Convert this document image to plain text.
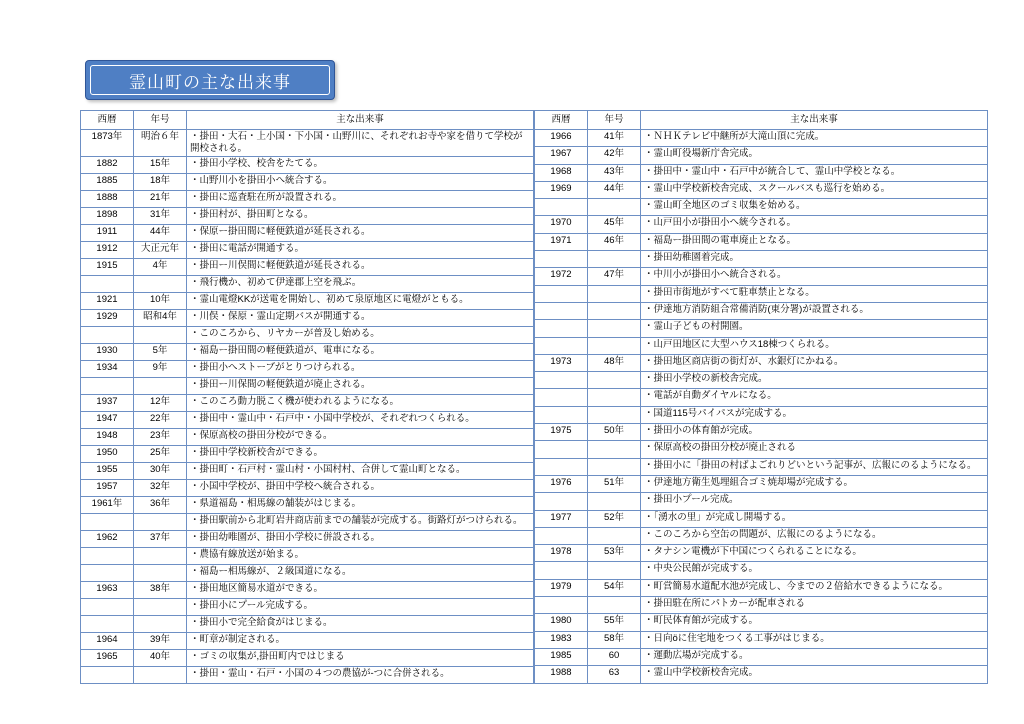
霊山町の主な出来事
西暦	年号	主な出来事
1873年	明治６年	・掛田・大石・上小国・下小国・山野川に、それぞれお寺や家を借りて学校が開校される。
1882	15年	・掛田小学校、校舎をたてる。
1885	18年	・山野川小を掛田小へ統合する。
1888	21年	・掛田に巡査駐在所が設置される。
1898	31年	・掛田村が、掛田町となる。
1911	44年	・保原ー掛田間に軽便鉄道が延長される。
1912	大正元年	・掛田に電話が開通する。
1915	4年	・掛田ー川俣間に軽便鉄道が延長される。
		・飛行機か、初めて伊達郡上空を飛ぶ。
1921	10年	・霊山電燈KKが送電を開始し、初めて泉原地区に電燈がともる。
1929	昭和4年	・川俣・保原・霊山定期バスが開通する。
		・このころから、リヤカーが普及し始める。
1930	5年	・福島ー掛田間の軽便鉄道が、電車になる。
1934	9年	・掛田小へストーブがとりつけられる。
		・掛田ー川保間の軽便鉄道が廃止される。
1937	12年	・このころ動力脱こく機が使われるようになる。
1947	22年	・掛田中・霊山中・石戸中・小国中学校が、それぞれつくられる。
1948	23年	・保原高校の掛田分校ができる。
1950	25年	・掛田中学校新校舎ができる。
1955	30年	・掛田町・石戸村・霊山村・小国村村、合併して霊山町となる。
1957	32年	・小国中学校が、掛田中学校へ統合される。
1961年	36年	・県道福島・相馬線の舗装がはじまる。
		・掛田駅前から北町岩井商店前までの舗装が完成する。街路灯がつけられる。
1962	37年	・掛田幼唯園が、掛田小学校に併設される。
		・農協有線放送が始まる。
		・福島ー相馬線が、２級国道になる。
1963	38年	・掛田地区簡易水道ができる。
		・掛田小にプール完成する。
		・掛田小で完全給食がはじまる。
1964	39年	・町章が制定される。
1965	40年	・ゴミの収集が,掛田町内ではじまる
		・掛田・霊山・石戸・小国の４つの農協が-つに合併される。
西暦	年号	主な出来事
1966	41年	・ＮＨＫテレビ中継所が大滝山頂に完成。
1967	42年	・霊山町役場新庁舎完成。
1968	43年	・掛田中・霊山中・石戸中が統合して、霊山中学校となる。
1969	44年	・霊山中学校新校舎完成、スクールバスも巡行を始める。
		・霊山町全地区のゴミ収集を始める。
1970	45年	・山戸田小が掛田小へ統今される。
1971	46年	・福島ー掛田間の電車廃止となる。
		・掛田幼稚園着完成。
1972	47年	・中川小が掛田小へ統合される。
		・掛田市街地がすべて駐車禁止となる。
		・伊達地方消防組合常備消防(東分署)が設置される。
		・霊山子どもの村開園。
		・山戸田地区に大型ハウス18棟つくられる。
1973	48年	・掛田地区商店街の街灯が、水銀灯にかねる。
		・掛田小学校の新校舎完成。
		・電話が自動ダイヤルになる。
		・国道115号パイパスが完成する。
1975	50年	・掛田小の体育館が完成。
		・保原高校の掛田分校が廃止される
		・掛田小に「掛田の村ばよごれりどいという記事が、広報にのるようになる。
1976	51年	・伊達地方衛生処埋組合ゴミ焼却場が完成する。
		・掛田小プール完成。
1977	52年	・「湧水の里」が完成し開場する。
		・このころから空缶の問題が、広報にのるようになる。
1978	53年	・タナシン電機が下中国につくられることになる。
		・中央公民館が完成する。
1979	54年	・町営簡易水道配水池が完成し、今までの２倍給水できるようになる。
		・掛田駐在所にパトカーが配車される
1980	55年	・町民体育館が完成する。
1983	58年	・日向öに住宅地をつくる工事がはじまる。
1985	60	・運動広場が完成する。
1988	63	・霊山中学校新校舎完成。
